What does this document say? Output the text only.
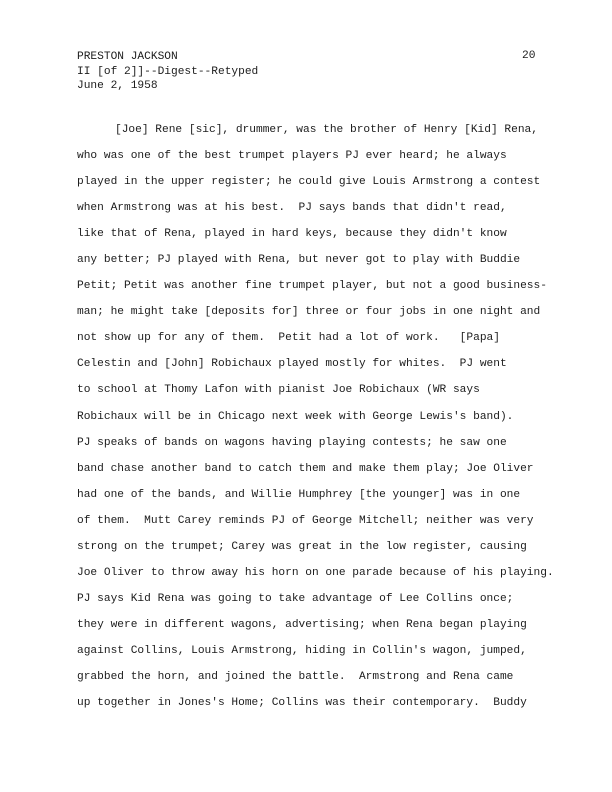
PRESTON JACKSON
II [of 2]]--Digest--Retyped
June 2, 1958
20
[Joe] Rene [sic], drummer, was the brother of Henry [Kid] Rena,
who was one of the best trumpet players PJ ever heard; he always
played in the upper register; he could give Louis Armstrong a contest
when Armstrong was at his best.  PJ says bands that didn't read,
like that of Rena, played in hard keys, because they didn't know
any better; PJ played with Rena, but never got to play with Buddie
Petit; Petit was another fine trumpet player, but not a good business-
man; he might take [deposits for] three or four jobs in one night and
not show up for any of them.  Petit had a lot of work.   [Papa]
Celestin and [John] Robichaux played mostly for whites.  PJ went
to school at Thomy Lafon with pianist Joe Robichaux (WR says
Robichaux will be in Chicago next week with George Lewis's band).
PJ speaks of bands on wagons having playing contests; he saw one
band chase another band to catch them and make them play; Joe Oliver
had one of the bands, and Willie Humphrey [the younger] was in one
of them.  Mutt Carey reminds PJ of George Mitchell; neither was very
strong on the trumpet; Carey was great in the low register, causing
Joe Oliver to throw away his horn on one parade because of his playing.
PJ says Kid Rena was going to take advantage of Lee Collins once;
they were in different wagons, advertising; when Rena began playing
against Collins, Louis Armstrong, hiding in Collin's wagon, jumped,
grabbed the horn, and joined the battle.  Armstrong and Rena came
up together in Jones's Home; Collins was their contemporary.  Buddy
